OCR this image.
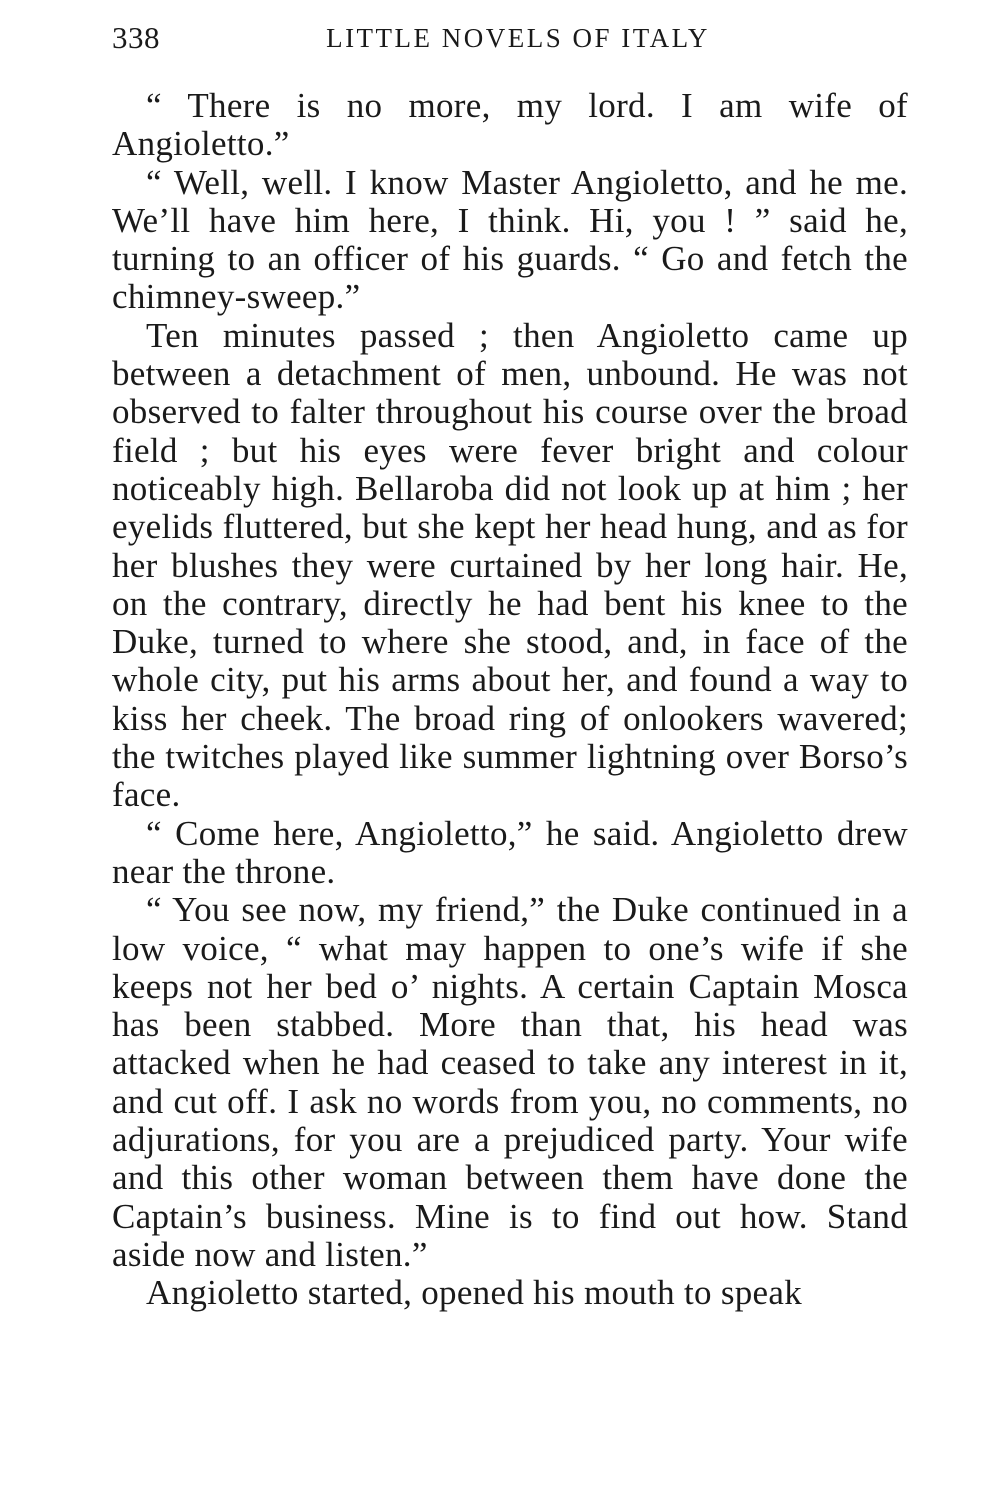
338	LITTLE NOVELS OF ITALY

“ There is no more, my lord. I am wife of Angioletto.”

“ Well, well. I know Master Angioletto, and he me. We’ll have him here, I think. Hi, you ! ” said he, turning to an officer of his guards. “ Go and fetch the chimney-sweep.”

Ten minutes passed ; then Angioletto came up between a detachment of men, unbound. He was not observed to falter throughout his course over the broad field ; but his eyes were fever bright and colour noticeably high. Bellaroba did not look up at him ; her eyelids fluttered, but she kept her head hung, and as for her blushes they were curtained by her long hair. He, on the contrary, directly he had bent his knee to the Duke, turned to where she stood, and, in face of the whole city, put his arms about her, and found a way to kiss her cheek. The broad ring of onlookers wavered; the twitches played like summer lightning over Borso’s face.

“ Come here, Angioletto,” he said. Angioletto drew near the throne.

“ You see now, my friend,” the Duke continued in a low voice, “ what may happen to one’s wife if she keeps not her bed o’ nights. A certain Captain Mosca has been stabbed. More than that, his head was attacked when he had ceased to take any interest in it, and cut off. I ask no words from you, no comments, no adjurations, for you are a prejudiced party. Your wife and this other woman between them have done the Captain’s business. Mine is to find out how. Stand aside now and listen.”

Angioletto started, opened his mouth to speak
